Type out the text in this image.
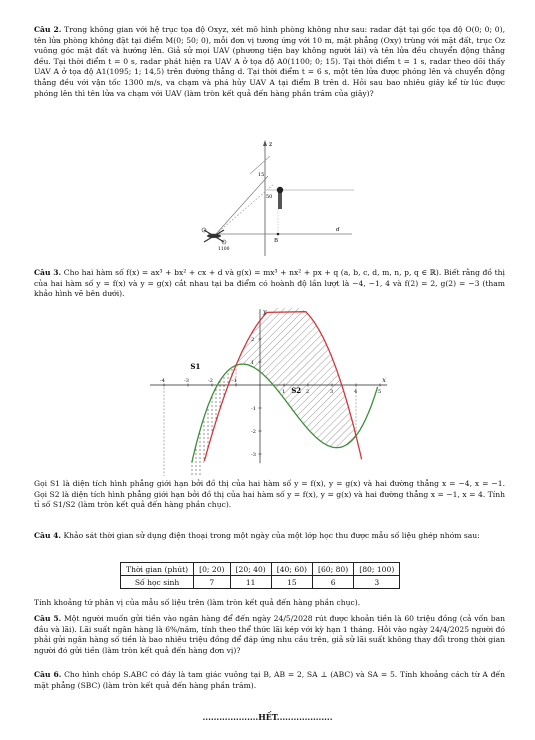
Câu 2. Trong không gian với hệ trục tọa độ Oxyz, xét mô hình phòng không như sau: radar đặt tại gốc tọa độ O(0; 0; 0), tên lửa phòng không đặt tại điểm M(0; 50; 0), mỗi đơn vị tương ứng với 10 m, mặt phẳng (Oxy) trùng với mặt đất, trục Oz vuông góc mặt đất và hướng lên. Giả sử mọi UAV (phương tiện bay không người lái) và tên lửa đều chuyển động thẳng đều. Tại thời điểm t = 0 s, radar phát hiện ra UAV A ở tọa độ A0(1100; 0; 15). Tại thời điểm t = 1 s, radar theo dõi thấy UAV A ở tọa độ A1(1095; 1; 14,5) trên đường thẳng d. Tại thời điểm t = 6 s, một tên lửa được phóng lên và chuyển động thẳng đều với vận tốc 1300 m/s, va chạm và phá hủy UAV A tại điểm B trên d. Hỏi sau bao nhiêu giây kể từ lúc được phóng lên thì tên lửa va chạm với UAV (làm tròn kết quả đến hàng phần trăm của giây)?
z
15
50
d
B
1100
Câu 3. Cho hai hàm số f(x) = ax³ + bx² + cx + d và g(x) = mx³ + nx² + px + q (a, b, c, d, m, n, p, q ∈ ℝ). Biết rằng đồ thị của hai hàm số y = f(x) và y = g(x) cắt nhau tại ba điểm có hoành độ lần lượt là −4, −1, 4 và f(2) = 2, g(2) = −3 (tham khảo hình vẽ bên dưới).
-4	-3	-2	-1
1	2	3	4	5
2
1
-1
-2
-3
S1
S2
y
x
Gọi S1 là diện tích hình phẳng giới hạn bởi đồ thị của hai hàm số y = f(x), y = g(x) và hai đường thẳng x = −4, x = −1. Gọi S2 là diện tích hình phẳng giới hạn bởi đồ thị của hai hàm số y = f(x), y = g(x) và hai đường thẳng x = −1, x = 4. Tính tỉ số S1/S2 (làm tròn kết quả đến hàng phần chục).
Câu 4. Khảo sát thời gian sử dụng điện thoại trong một ngày của một lớp học thu được mẫu số liệu ghép nhóm sau:
Thời gian (phút)	[0; 20)	[20; 40)	[40; 60)	[60; 80)	[80; 100)
Số học sinh	7	11	15	6	3
Tính khoảng tứ phân vị của mẫu số liệu trên (làm tròn kết quả đến hàng phần chục).
Câu 5. Một người muốn gửi tiền vào ngân hàng để đến ngày 24/5/2028 rút được khoản tiền là 60 triệu đồng (cả vốn ban đầu và lãi). Lãi suất ngân hàng là 6%/năm, tính theo thể thức lãi kép với kỳ hạn 1 tháng. Hỏi vào ngày 24/4/2025 người đó phải gửi ngân hàng số tiền là bao nhiêu triệu đồng để đáp ứng nhu cầu trên, giả sử lãi suất không thay đổi trong thời gian người đó gửi tiền (làm tròn kết quả đến hàng đơn vị)?
Câu 6. Cho hình chóp S.ABC có đáy là tam giác vuông tại B, AB = 2, SA ⊥ (ABC) và SA = 5. Tính khoảng cách từ A đến mặt phẳng (SBC) (làm tròn kết quả đến hàng phần trăm).
....................HẾT....................
